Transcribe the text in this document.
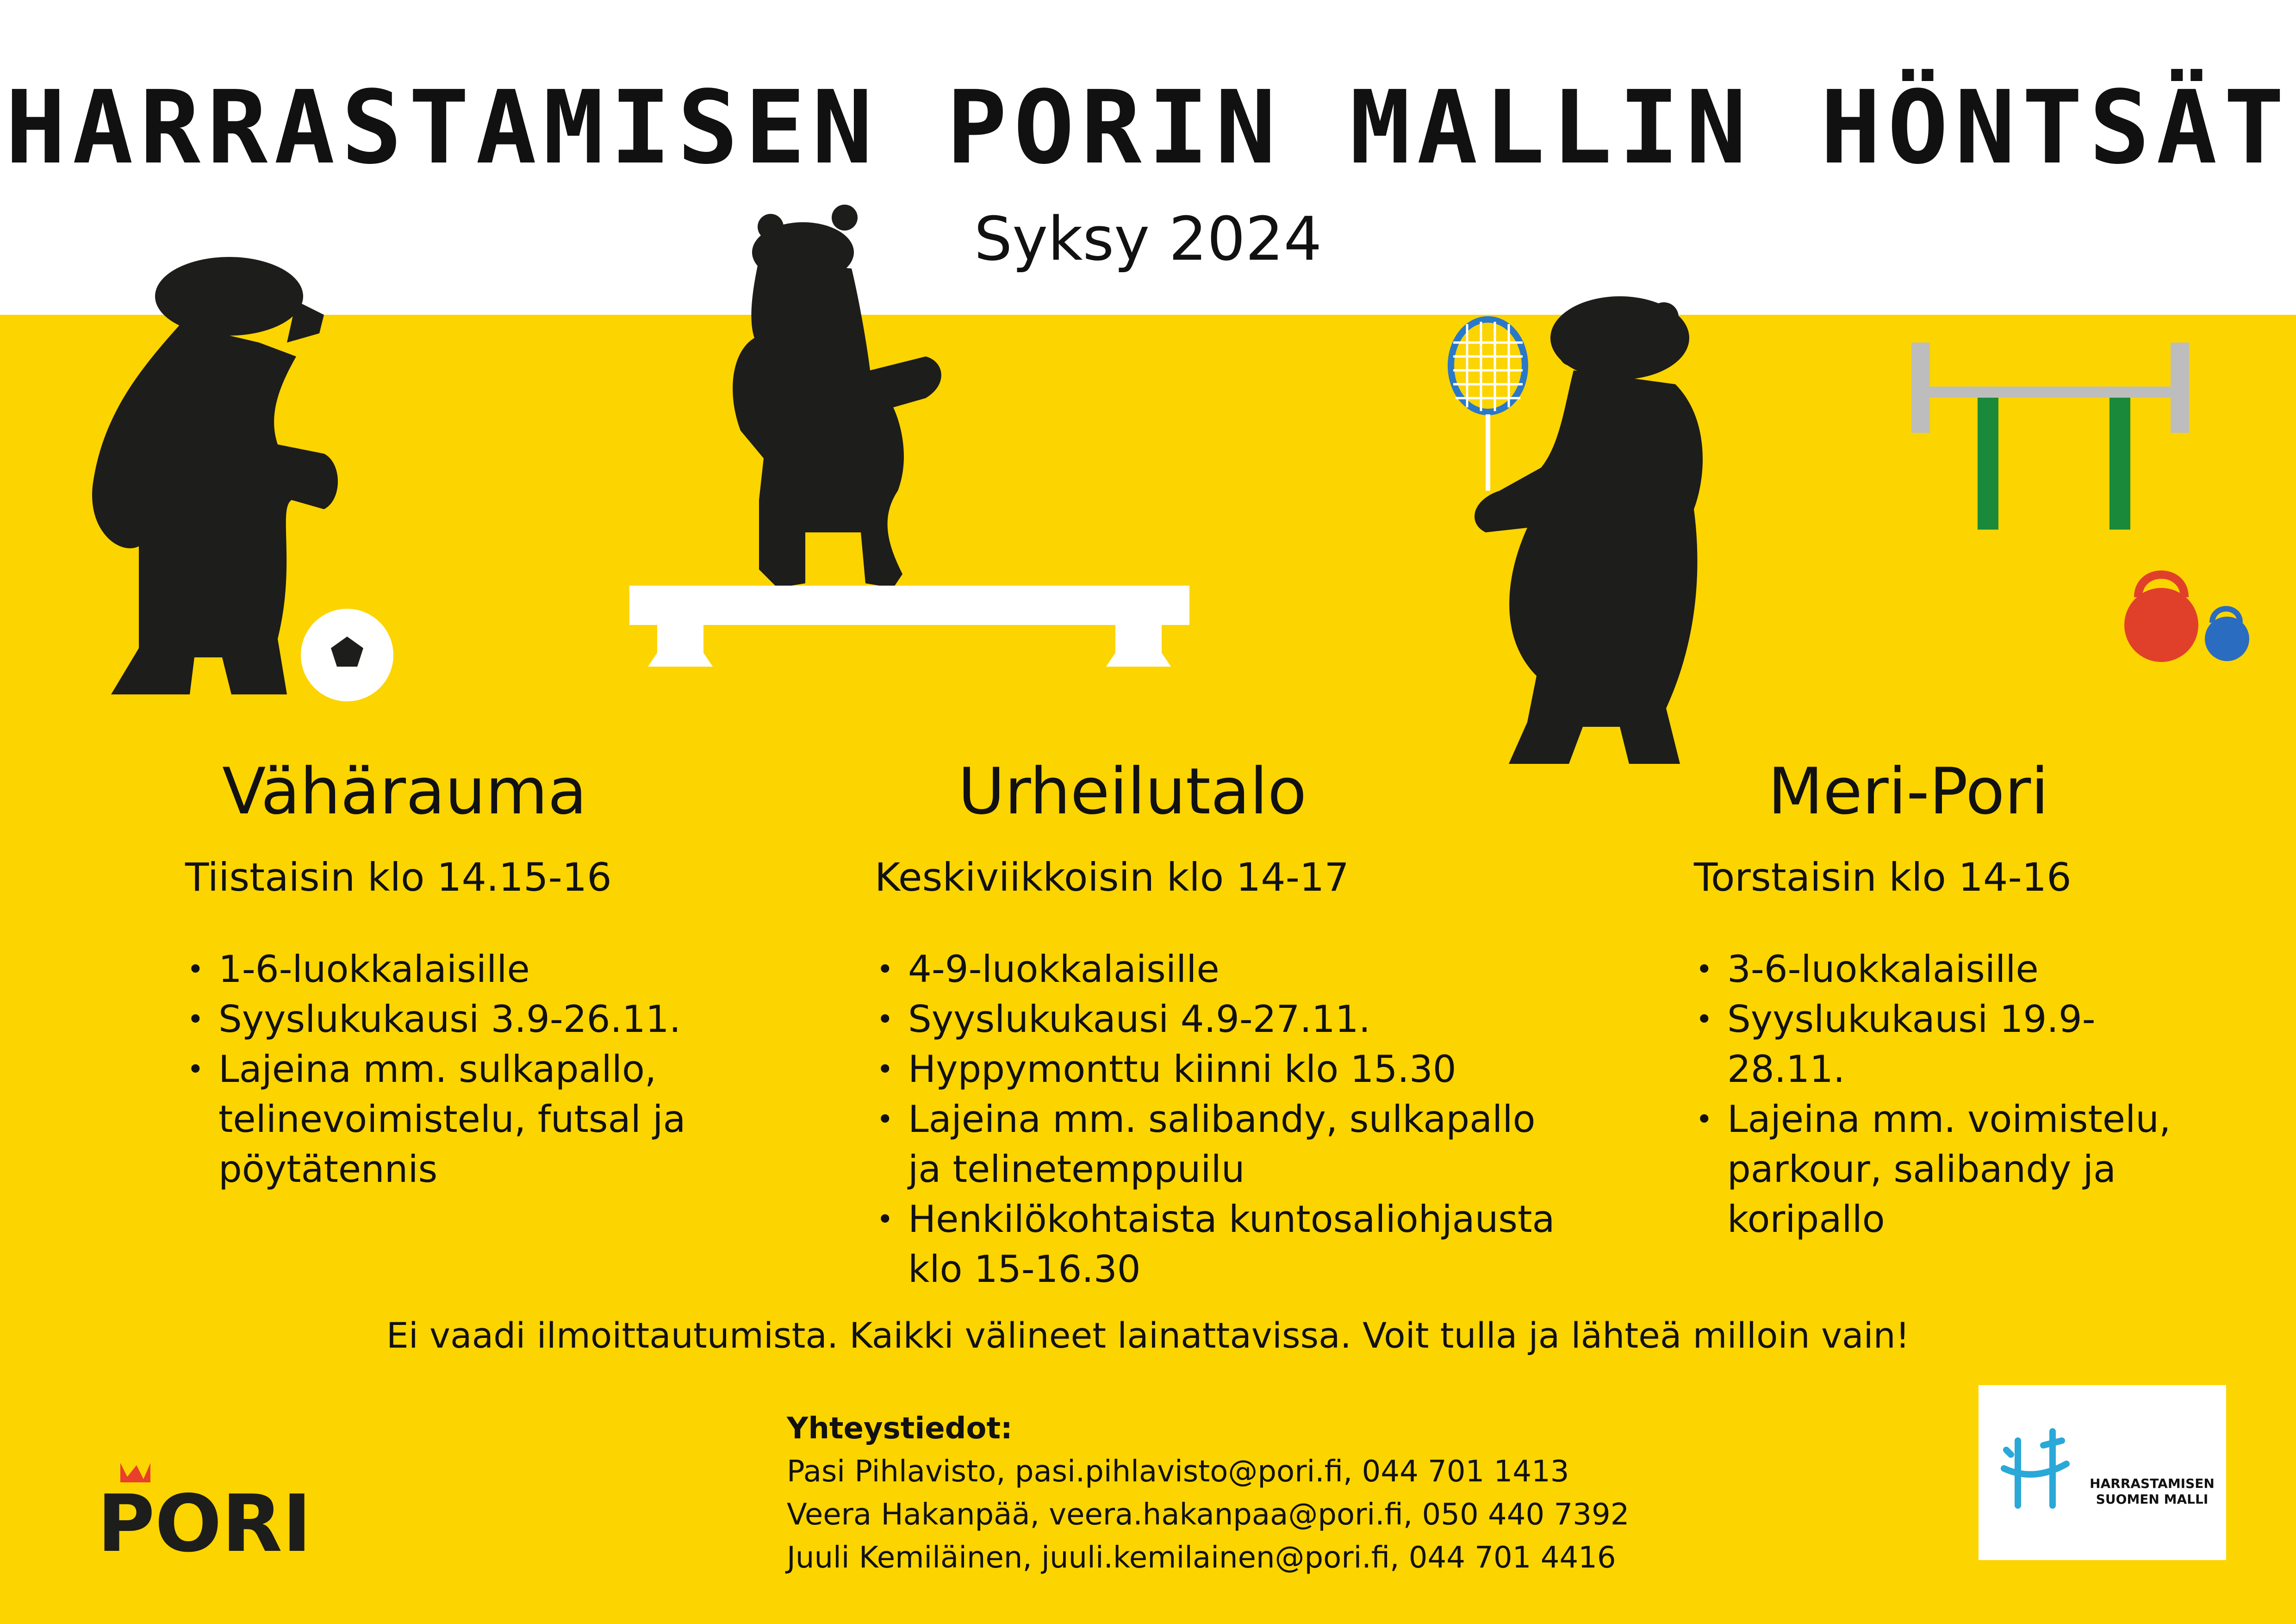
HARRASTAMISEN PORIN MALLIN HÖNTSÄT
Syksy 2024
Vähärauma
Tiistaisin klo 14.15-16
• 1-6-luokkalaisille
• Syyslukukausi 3.9-26.11.
• Lajeina mm. sulkapallo, telinevoimistelu, futsal ja pöytätennis
Urheilutalo
Keskiviikkoisin klo 14-17
• 4-9-luokkalaisille
• Syyslukukausi 4.9-27.11.
• Hyppymonttu kiinni klo 15.30
• Lajeina mm. salibandy, sulkapallo ja telinetemppuilu
• Henkilökohtaista kuntosaliohjausta klo 15-16.30
Meri-Pori
Torstaisin klo 14-16
• 3-6-luokkalaisille
• Syyslukukausi 19.9-28.11.
• Lajeina mm. voimistelu, parkour, salibandy ja koripallo
Ei vaadi ilmoittautumista. Kaikki välineet lainattavissa. Voit tulla ja lähteä milloin vain!
Yhteystiedot:
Pasi Pihlavisto, pasi.pihlavisto@pori.fi, 044 701 1413
Veera Hakanpää, veera.hakanpaa@pori.fi, 050 440 7392
Juuli Kemiläinen, juuli.kemilainen@pori.fi, 044 701 4416
PORI	HARRASTAMISEN
SUOMEN MALLI
